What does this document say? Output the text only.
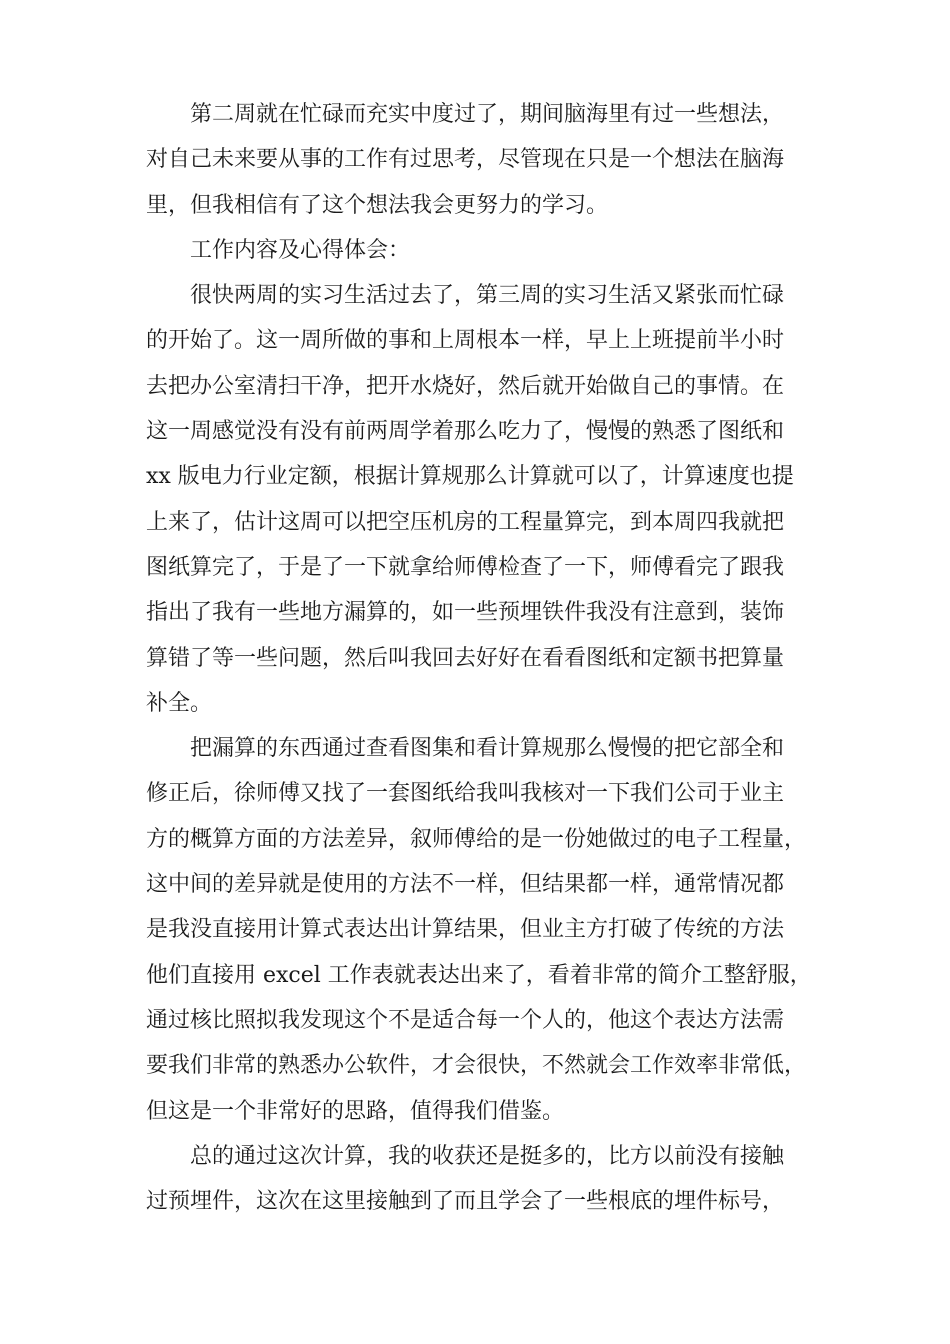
第二周就在忙碌而充实中度过了，期间脑海里有过一些想法，
对自己未来要从事的工作有过思考，尽管现在只是一个想法在脑海
里，但我相信有了这个想法我会更努力的学习。
工作内容及心得体会：
很快两周的实习生活过去了，第三周的实习生活又紧张而忙碌
的开始了。这一周所做的事和上周根本一样，早上上班提前半小时
去把办公室清扫干净，把开水烧好，然后就开始做自己的事情。在
这一周感觉没有没有前两周学着那么吃力了，慢慢的熟悉了图纸和
xx 版电力行业定额，根据计算规那么计算就可以了，计算速度也提
上来了，估计这周可以把空压机房的工程量算完，到本周四我就把
图纸算完了，于是了一下就拿给师傅检查了一下，师傅看完了跟我
指出了我有一些地方漏算的，如一些预埋铁件我没有注意到，装饰
算错了等一些问题，然后叫我回去好好在看看图纸和定额书把算量
补全。
把漏算的东西通过查看图集和看计算规那么慢慢的把它部全和
修正后，徐师傅又找了一套图纸给我叫我核对一下我们公司于业主
方的概算方面的方法差异，叙师傅给的是一份她做过的电子工程量，
这中间的差异就是使用的方法不一样，但结果都一样，通常情况都
是我没直接用计算式表达出计算结果，但业主方打破了传统的方法
他们直接用 excel 工作表就表达出来了，看着非常的简介工整舒服，
通过核比照拟我发现这个不是适合每一个人的，他这个表达方法需
要我们非常的熟悉办公软件，才会很快，不然就会工作效率非常低，
但这是一个非常好的思路，值得我们借鉴。
总的通过这次计算，我的收获还是挺多的，比方以前没有接触
过预埋件，这次在这里接触到了而且学会了一些根底的埋件标号，
